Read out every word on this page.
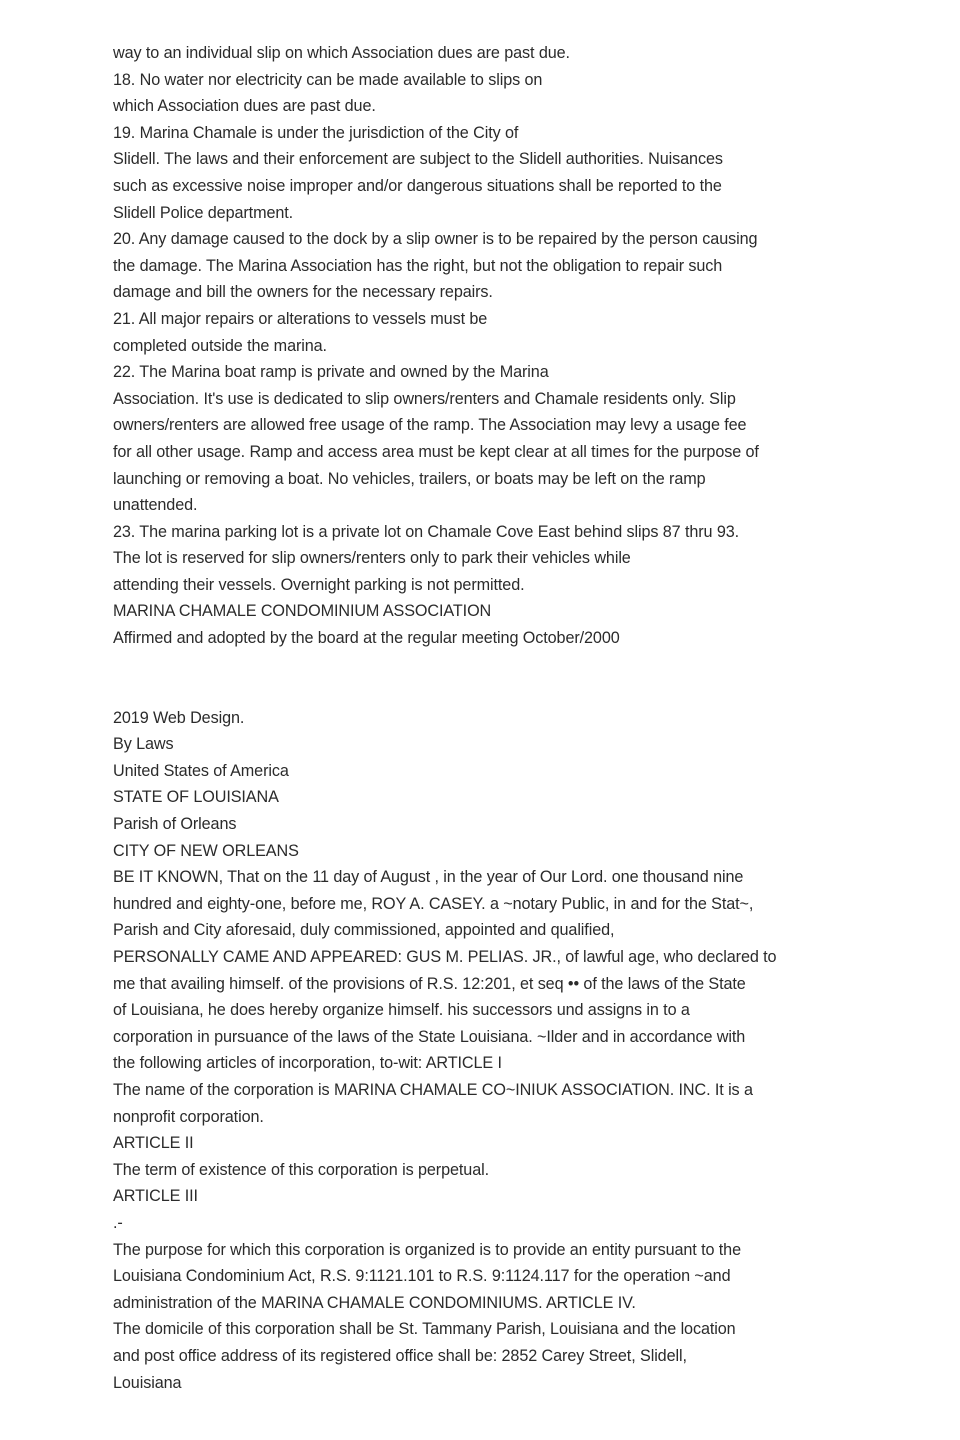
way to an individual slip on which Association dues are past due.
18. No water nor electricity can be made available to slips on
which Association dues are past due.
19. Marina Chamale is under the jurisdiction of the City of
Slidell. The laws and their enforcement are subject to the Slidell authorities. Nuisances
such as excessive noise improper and/or dangerous situations shall be reported to the
Slidell Police department.
20. Any damage caused to the dock by a slip owner is to be repaired by the person causing
the damage. The Marina Association has the right, but not the obligation to repair such
damage and bill the owners for the necessary repairs.
21. All major repairs or alterations to vessels must be
completed outside the marina.
22. The Marina boat ramp is private and owned by the Marina
Association. It's use is dedicated to slip owners/renters and Chamale residents only. Slip
owners/renters are allowed free usage of the ramp. The Association may levy a usage fee
for all other usage. Ramp and access area must be kept clear at all times for the purpose of
launching or removing a boat. No vehicles, trailers, or boats may be left on the ramp
unattended.
23. The marina parking lot is a private lot on Chamale Cove East behind slips 87 thru 93.
The lot is reserved for slip owners/renters only to park their vehicles while
attending their vessels. Overnight parking is not permitted.
MARINA CHAMALE CONDOMINIUM ASSOCIATION
Affirmed and adopted by the board at the regular meeting October/2000
2019 Web Design.
By Laws
United States of America
STATE OF LOUISIANA
Parish of Orleans
CITY OF NEW ORLEANS
BE IT KNOWN, That on the 11 day of August , in the year of Our Lord. one thousand nine
hundred and eighty-one, before me, ROY A. CASEY. a ~notary Public, in and for the Stat~,
Parish and City aforesaid, duly commissioned, appointed and qualified,
PERSONALLY CAME AND APPEARED: GUS M. PELIAS. JR., of lawful age, who declared to
me that availing himself. of the provisions of R.S. 12:201, et seq •• of the laws of the State
of Louisiana, he does hereby organize himself. his successors und assigns in to a
corporation in pursuance of the laws of the State Louisiana. ~Ilder and in accordance with
the following articles of incorporation, to-wit: ARTICLE I
The name of the corporation is MARINA CHAMALE CO~INIUK ASSOCIATION. INC. It is a
nonprofit corporation.
ARTICLE II
The term of existence of this corporation is perpetual.
ARTICLE III
.-
The purpose for which this corporation is organized is to provide an entity pursuant to the
Louisiana Condominium Act, R.S. 9:1121.101 to R.S. 9:1124.117 for the operation ~and
administration of the MARINA CHAMALE CONDOMINIUMS. ARTICLE IV.
The domicile of this corporation shall be St. Tammany Parish, Louisiana and the location
and post office address of its registered office shall be: 2852 Carey Street, Slidell,
Louisiana
